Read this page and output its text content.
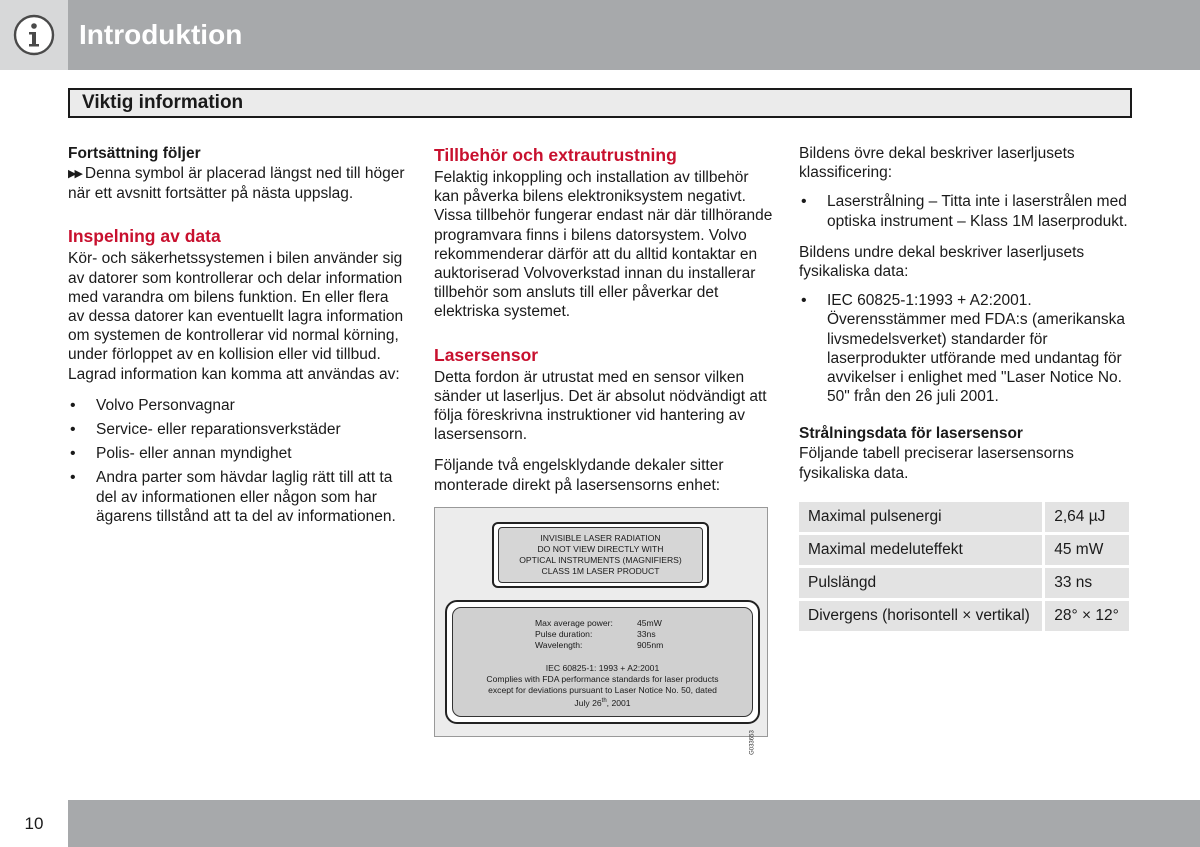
Introduktion
Viktig information
Fortsättning följer

▶▶ Denna symbol är placerad längst ned till höger när ett avsnitt fortsätter på nästa uppslag.

Inspelning av data

Kör- och säkerhetssystemen i bilen använder sig av datorer som kontrollerar och delar information med varandra om bilens funktion. En eller flera av dessa datorer kan eventuellt lagra information om systemen de kontrollerar vid normal körning, under förloppet av en kollision eller vid tillbud. Lagrad information kan komma att användas av:

• Volvo Personvagnar
• Service- eller reparationsverkstäder
• Polis- eller annan myndighet
• Andra parter som hävdar laglig rätt till att ta del av informationen eller någon som har ägarens tillstånd att ta del av informationen.
Tillbehör och extrautrustning

Felaktig inkoppling och installation av tillbehör kan påverka bilens elektroniksystem negativt. Vissa tillbehör fungerar endast när där tillhörande programvara finns i bilens datorsystem. Volvo rekommenderar därför att du alltid kontaktar en auktoriserad Volvoverkstad innan du installerar tillbehör som ansluts till eller påverkar det elektriska systemet.

Lasersensor

Detta fordon är utrustat med en sensor vilken sänder ut laserljus. Det är absolut nödvändigt att följa föreskrivna instruktioner vid hantering av lasersensorn.

Följande två engelsklydande dekaler sitter monterade direkt på lasersensorns enhet:

INVISIBLE LASER RADIATION
DO NOT VIEW DIRECTLY WITH
OPTICAL INSTRUMENTS (MAGNIFIERS)
CLASS 1M LASER PRODUCT
Max average power:	45mW
Pulse duration:	33ns
Wavelength:	905nm
IEC 60825-1: 1993 + A2:2001
Complies with FDA performance standards for laser products
except for deviations pursuant to Laser Notice No. 50, dated
July 26th, 2001
G033653

Bildens övre dekal beskriver laserljusets klassificering:

• Laserstrålning – Titta inte i laserstrålen med optiska instrument – Klass 1M laserprodukt.

Bildens undre dekal beskriver laserljusets fysikaliska data:

• IEC 60825-1:1993 + A2:2001. Överensstämmer med FDA:s (amerikanska livsmedelsverket) standarder för laserprodukter utförande med undantag för avvikelser i enlighet med "Laser Notice No. 50" från den 26 juli 2001.
Strålningsdata för lasersensor

Följande tabell preciserar lasersensorns fysikaliska data.

Maximal pulsenergi	2,64 µJ
Maximal medeluteffekt	45 mW
Pulslängd	33 ns
Divergens (horisontell × vertikal)	28° × 12°
10
